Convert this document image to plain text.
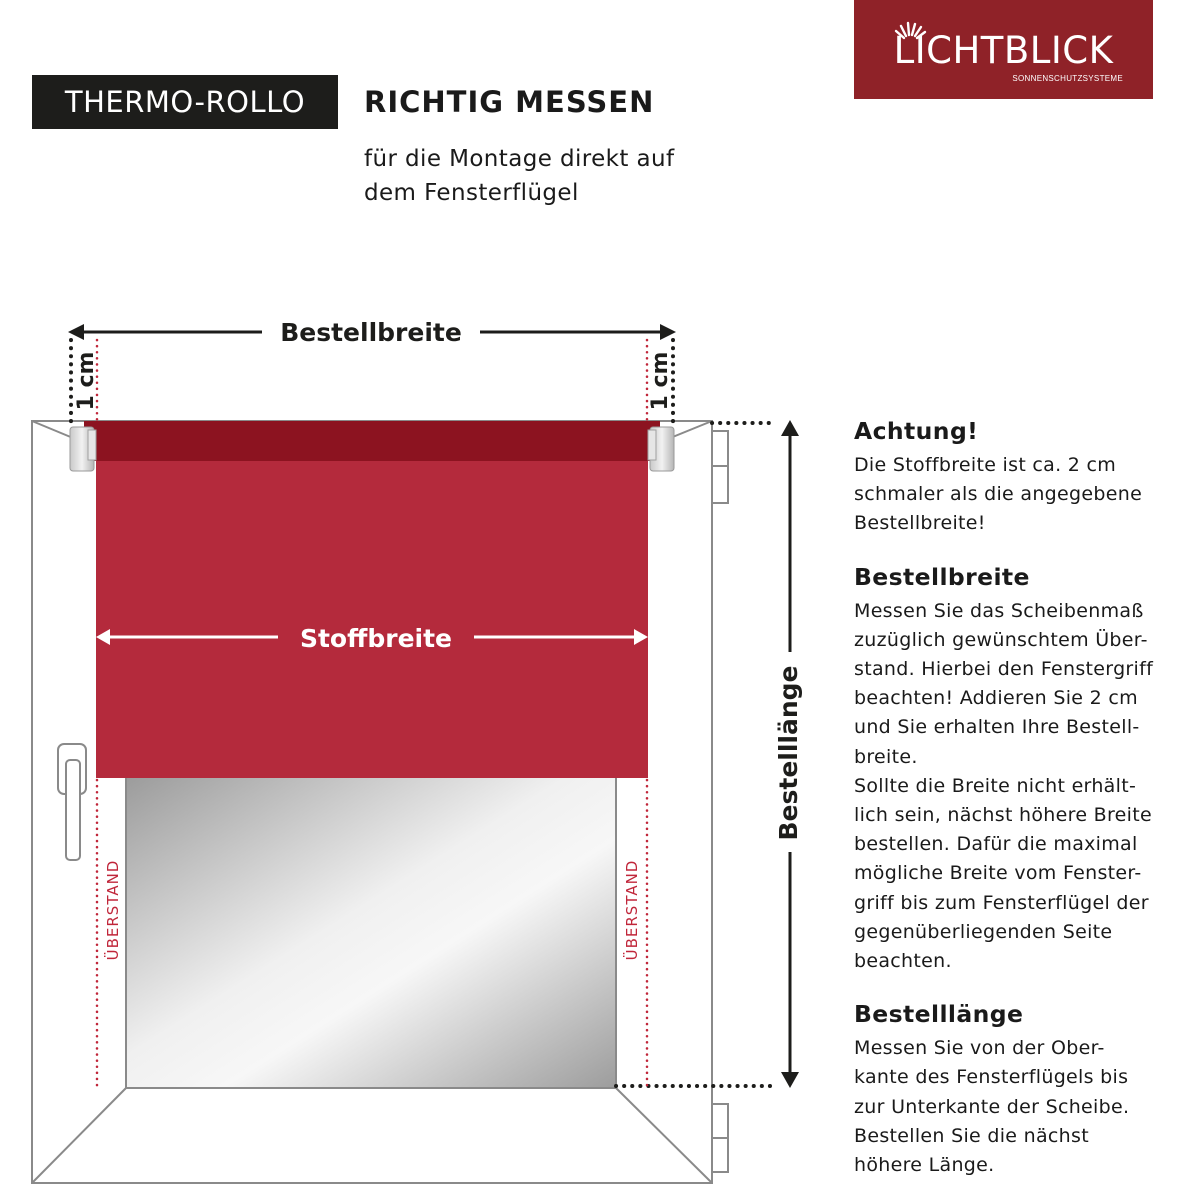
LICHTBLICK
SONNENSCHUTZSYSTEME
THERMO-ROLLO	RICHTIG MESSEN
für die Montage direkt auf
dem Fensterflügel
Bestellbreite
1 cm	1 cm
Stoffbreite
ÜBERSTAND	ÜBERSTAND
Bestelllänge
Achtung!

Die Stoffbreite ist ca. 2 cm
schmaler als die angegebene
Bestellbreite!

Bestellbreite

Messen Sie das Scheibenmaß
zuzüglich gewünschtem Über-
stand. Hierbei den Fenstergriff
beachten! Addieren Sie 2 cm
und Sie erhalten Ihre Bestell-
breite.
Sollte die Breite nicht erhält-
lich sein, nächst höhere Breite
bestellen. Dafür die maximal
mögliche Breite vom Fenster-
griff bis zum Fensterflügel der
gegenüberliegenden Seite
beachten.

Bestelllänge

Messen Sie von der Ober-
kante des Fensterflügels bis
zur Unterkante der Scheibe.
Bestellen Sie die nächst
höhere Länge.
